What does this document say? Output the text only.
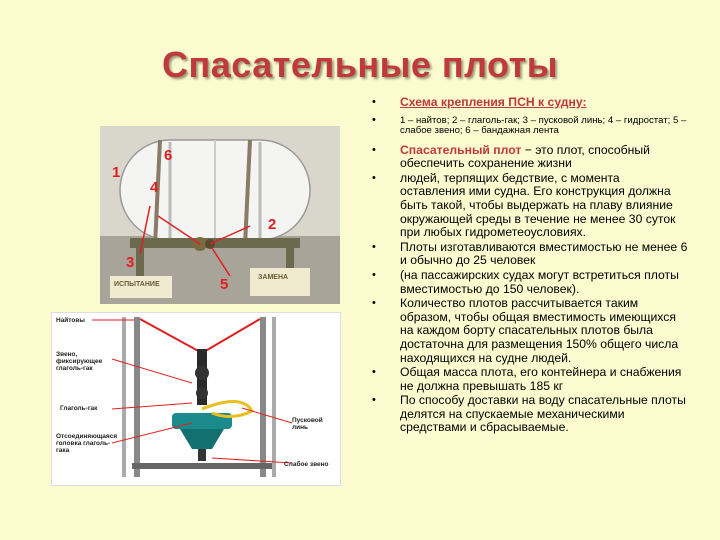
Спасательные плоты
6
1
4
2
3
5
ИСПЫТАНИЕ
ЗАМЕНА
Найтовы
Звено, фиксирующее глаголь-гак
Глаголь-гак
Отсоединяющаяся головка глаголь-гака
Пусковой линь
Слабое звено
• Схема крепления ПСН к судну:
•	1 – найтов; 2 – глаголь-гак; 3 – пусковой линь; 4 – гидростат; 5 – слабое звено; 6 – бандажная лента
• Спасательный плот − это плот, способный обеспечить сохранение жизни
• людей, терпящих бедствие, с момента оставления ими судна. Его конструкция должна быть такой, чтобы выдержать на плаву влияние окружающей среды в течение не менее 30 суток при любых гидрометеоусловиях.
• Плоты изготавливаются вместимостью не менее 6 и обычно до 25 человек
• (на пассажирских судах могут встретиться плоты вместимостью до 150 человек).
• Количество плотов рассчитывается таким образом, чтобы общая вместимость имеющихся на каждом борту спасательных плотов была достаточна для размещения 150% общего числа находящихся на судне людей.
• Общая масса плота, его контейнера и снабжения не должна превышать 185 кг
• По способу доставки на воду спасательные плоты делятся на спускаемые механическими средствами и сбрасываемые.
